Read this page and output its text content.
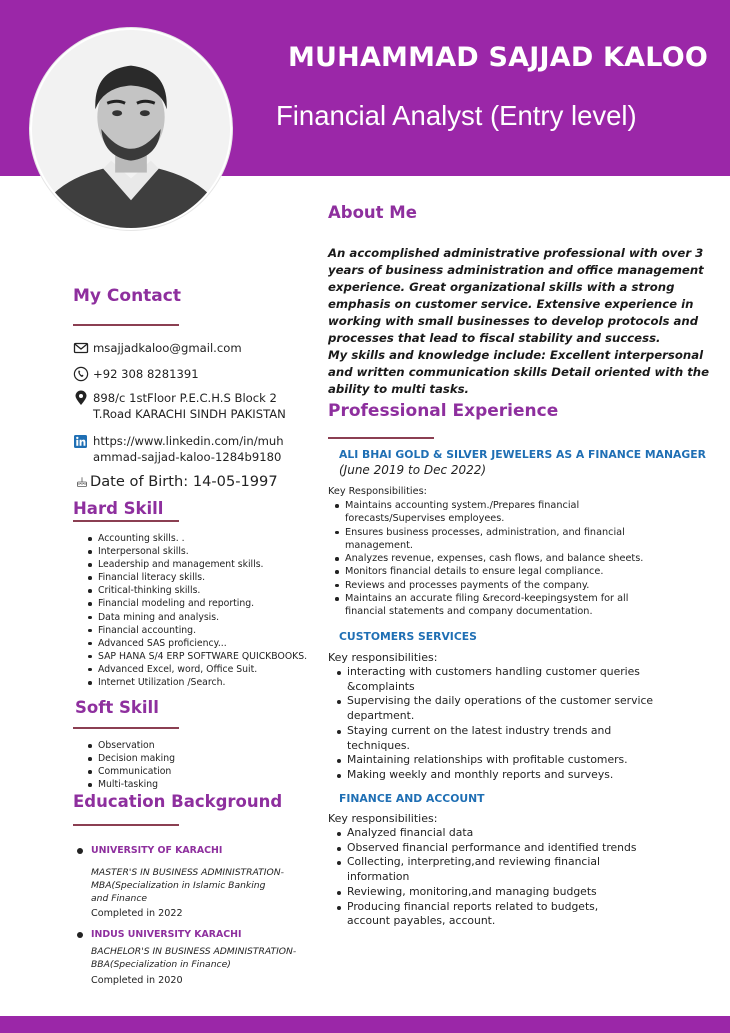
MUHAMMAD SAJJAD KALOO
Financial Analyst (Entry level)
My Contact
msajjadkaloo@gmail.com
+92 308 8281391
898/c 1stFloor P.E.C.H.S Block 2
T.Road KARACHI SINDH PAKISTAN
https://www.linkedin.com/in/muh
ammad-sajjad-kaloo-1284b9180
Date of Birth: 14-05-1997
Hard Skill
Accounting skills. .
Interpersonal skills.
Leadership and management skills.
Financial literacy skills.
Critical-thinking skills.
Financial modeling and reporting.
Data mining and analysis.
Financial accounting.
Advanced SAS proficiency...
SAP HANA S/4 ERP SOFTWARE QUICKBOOKS.
Advanced Excel, word, Office Suit.
Internet Utilization /Search.
Soft Skill
Observation
Decision making
Communication
Multi-tasking
Education Background
UNIVERSITY OF KARACHI
MASTER'S IN BUSINESS ADMINISTRATION-
MBA(Specialization in Islamic Banking
and Finance
Completed in 2022
INDUS UNIVERSITY KARACHI
BACHELOR'S IN BUSINESS ADMINISTRATION-
BBA(Specialization in Finance)
Completed in 2020
About Me
An accomplished administrative professional with over 3 years of business administration and office management experience. Great organizational skills with a strong emphasis on customer service. Extensive experience in working with small businesses to develop protocols and processes that lead to fiscal stability and success.
My skills and knowledge include: Excellent interpersonal and written communication skills Detail oriented with the ability to multi tasks.
Professional Experience
ALI BHAI GOLD & SILVER JEWELERS AS A FINANCE MANAGER
(June 2019 to Dec 2022)
Key Responsibilities:
Maintains accounting system./Prepares financial forecasts/Supervises employees.
Ensures business processes, administration, and financial management.
Analyzes revenue, expenses, cash flows, and balance sheets.
Monitors financial details to ensure legal compliance.
Reviews and processes payments of the company.
Maintains an accurate filing &record-keepingsystem for all financial statements and company documentation.
CUSTOMERS SERVICES
Key responsibilities:
interacting with customers handling customer queries &complaints
Supervising the daily operations of the customer service department.
Staying current on the latest industry trends and techniques.
Maintaining relationships with profitable customers.
Making weekly and monthly reports and surveys.
FINANCE AND ACCOUNT
Key responsibilities:
Analyzed financial data
Observed financial performance and identified trends
Collecting, interpreting,and reviewing financial information
Reviewing, monitoring,and managing budgets
Producing financial reports related to budgets, account payables, account.
